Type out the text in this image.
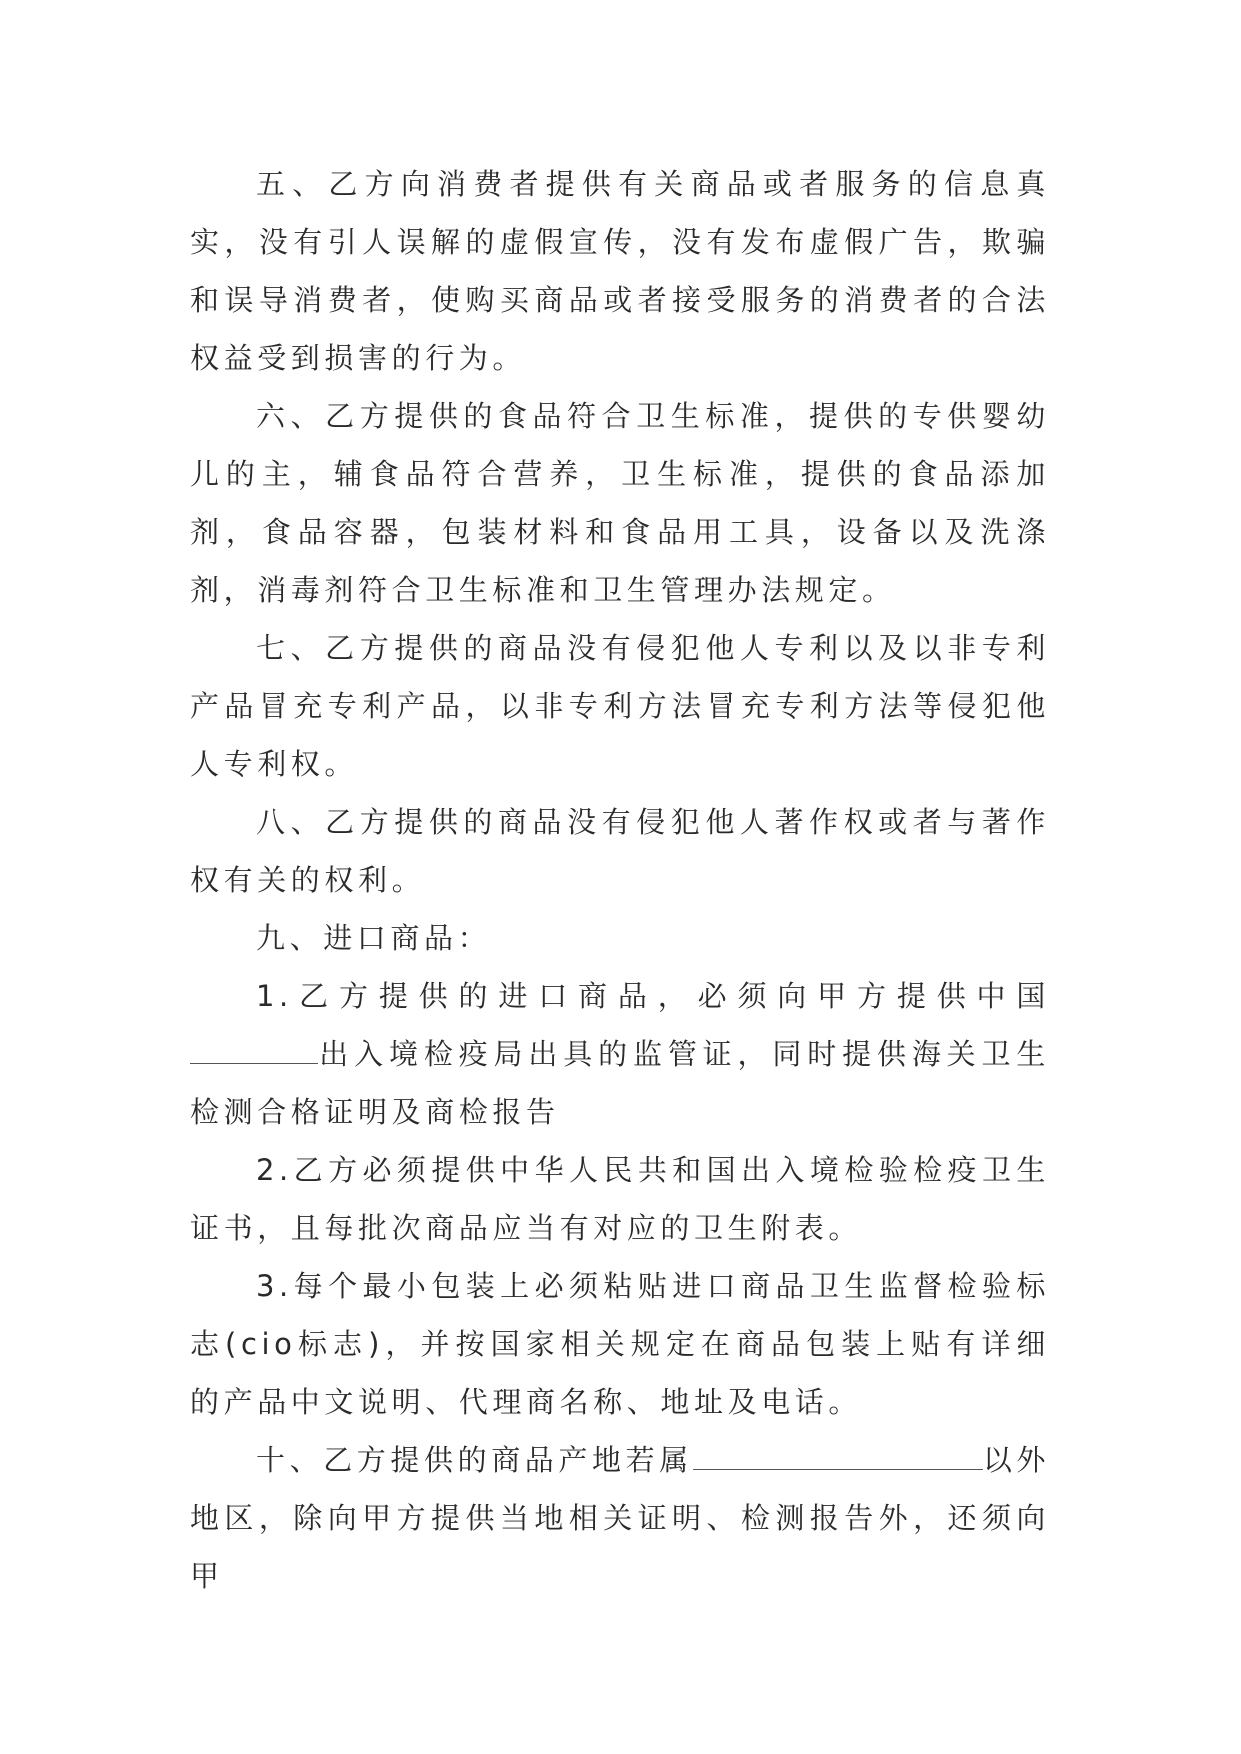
五、乙方向消费者提供有关商品或者服务的信息真实，没有引人误解的虚假宣传，没有发布虚假广告，欺骗和误导消费者，使购买商品或者接受服务的消费者的合法权益受到损害的行为。

六、乙方提供的食品符合卫生标准，提供的专供婴幼儿的主，辅食品符合营养，卫生标准，提供的食品添加剂，食品容器，包装材料和食品用工具，设备以及洗涤剂，消毒剂符合卫生标准和卫生管理办法规定。

七、乙方提供的商品没有侵犯他人专利以及以非专利产品冒充专利产品，以非专利方法冒充专利方法等侵犯他人专利权。

八、乙方提供的商品没有侵犯他人著作权或者与著作权有关的权利。

九、进口商品：

1.乙方提供的进口商品，必须向甲方提供中国出入境检疫局出具的监管证，同时提供海关卫生检测合格证明及商检报告

2.乙方必须提供中华人民共和国出入境检验检疫卫生证书，且每批次商品应当有对应的卫生附表。

3.每个最小包装上必须粘贴进口商品卫生监督检验标志(cio标志)，并按国家相关规定在商品包装上贴有详细的产品中文说明、代理商名称、地址及电话。

十、乙方提供的商品产地若属	以外地区，除向甲方提供当地相关证明、检测报告外，还须向甲
